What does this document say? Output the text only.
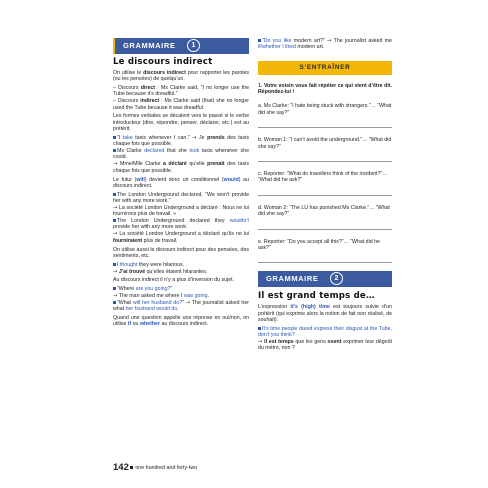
GRAMMAIRE	1
Le discours indirect

On utilise le discours indirect pour rapporter les paroles (ou les pensées) de quelqu’un.

– Discours direct : Ms Clarke said, “I no longer use the Tube because it’s dreadful.”

– Discours indirect : Ms Clarke said (that) she no longer used the Tube because it was dreadful.

Les formes verbales se décalent vers le passé si le verbe introducteur (dire, répondre, penser, déclarer, etc.) est au prétérit.

“I take taxis whenever I can.” → Je prends des taxis chaque fois que possible.

Ms Clarke declared that she took taxis whenever she could.

→ Mme/Mlle Clarke a déclaré qu’elle prenait des taxis chaque fois que possible.

Le futur (will) devient donc un conditionnel (would) au discours indirect.

The London Underground declared. “We won’t provide her with any more work.”

→ La société London Underground a déclaré : Nous ne lui fournirons plus de travail. »

The London Underground declared they wouldn’t provide her with any more work.

→ La société London Underground a déclaré qu’ils ne lui fourniraient plus de travail.

On utilise aussi le discours indirect pour des pensées, des sentiments, etc.

I thought they were hilarious.

→ J’ai trouvé qu’elles étaient hilarantes.

Au discours indirect il n’y a plus d’inversion du sujet.

“Where are you going?”

→ The man asked me where I was going.

“What will her husband do?” → The journalist asked her what her husband would do.

Quand une question appelle une réponse en oui/non, on utilise if ou whether au discours indirect.

“Do you like modern art?” → The journalist asked me if/whether I liked modern art.

S’ENTRAÎNER

1. Votre voisin vous fait répéter ce qui vient d’être dit. Répondez-lui !

a. Ms Clarke: “I hate being stuck with strangers.”… “What did she say?”

b. Woman 1: “I can’t avoid the underground.”… “What did she say?”

c. Reporter: “What do travellers think of the incident?”… “What did he ask?”

d. Woman 2: “The LU has punished Ms Clarke.”… “What did she say?”

e. Reporter: “Do you accept all this?”… “What did he ask?”

GRAMMAIRE	2
Il est grand temps de…

L’expression it’s (high) time est toujours suivie d’un prétérit (qui exprime alors la notion de fait non réalisé, de souhait).

It’s time people dared express their disgust at the Tube, don’t you think?

→ Il est temps que les gens osent exprimer leur dégoût du métro, non ?

142 one hundred and forty-two
